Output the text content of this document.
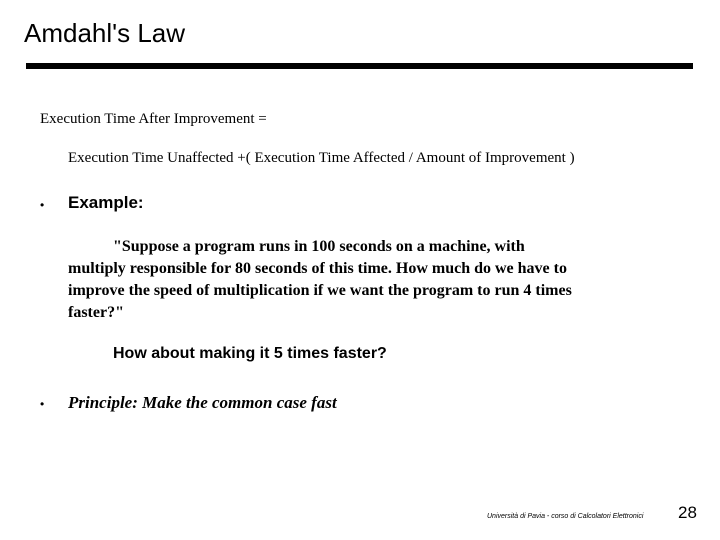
Amdahl's Law
Execution Time After Improvement =
Execution Time Unaffected +( Execution Time Affected / Amount of Improvement )
• Example:
"Suppose a program runs in 100 seconds on a machine, with
multiply responsible for 80 seconds of this time. How much do we have to
improve the speed of multiplication if we want the program to run 4 times
faster?"
How about making it 5 times faster?
• Principle: Make the common case fast
Università di Pavia - corso di Calcolatori Elettronici 28
